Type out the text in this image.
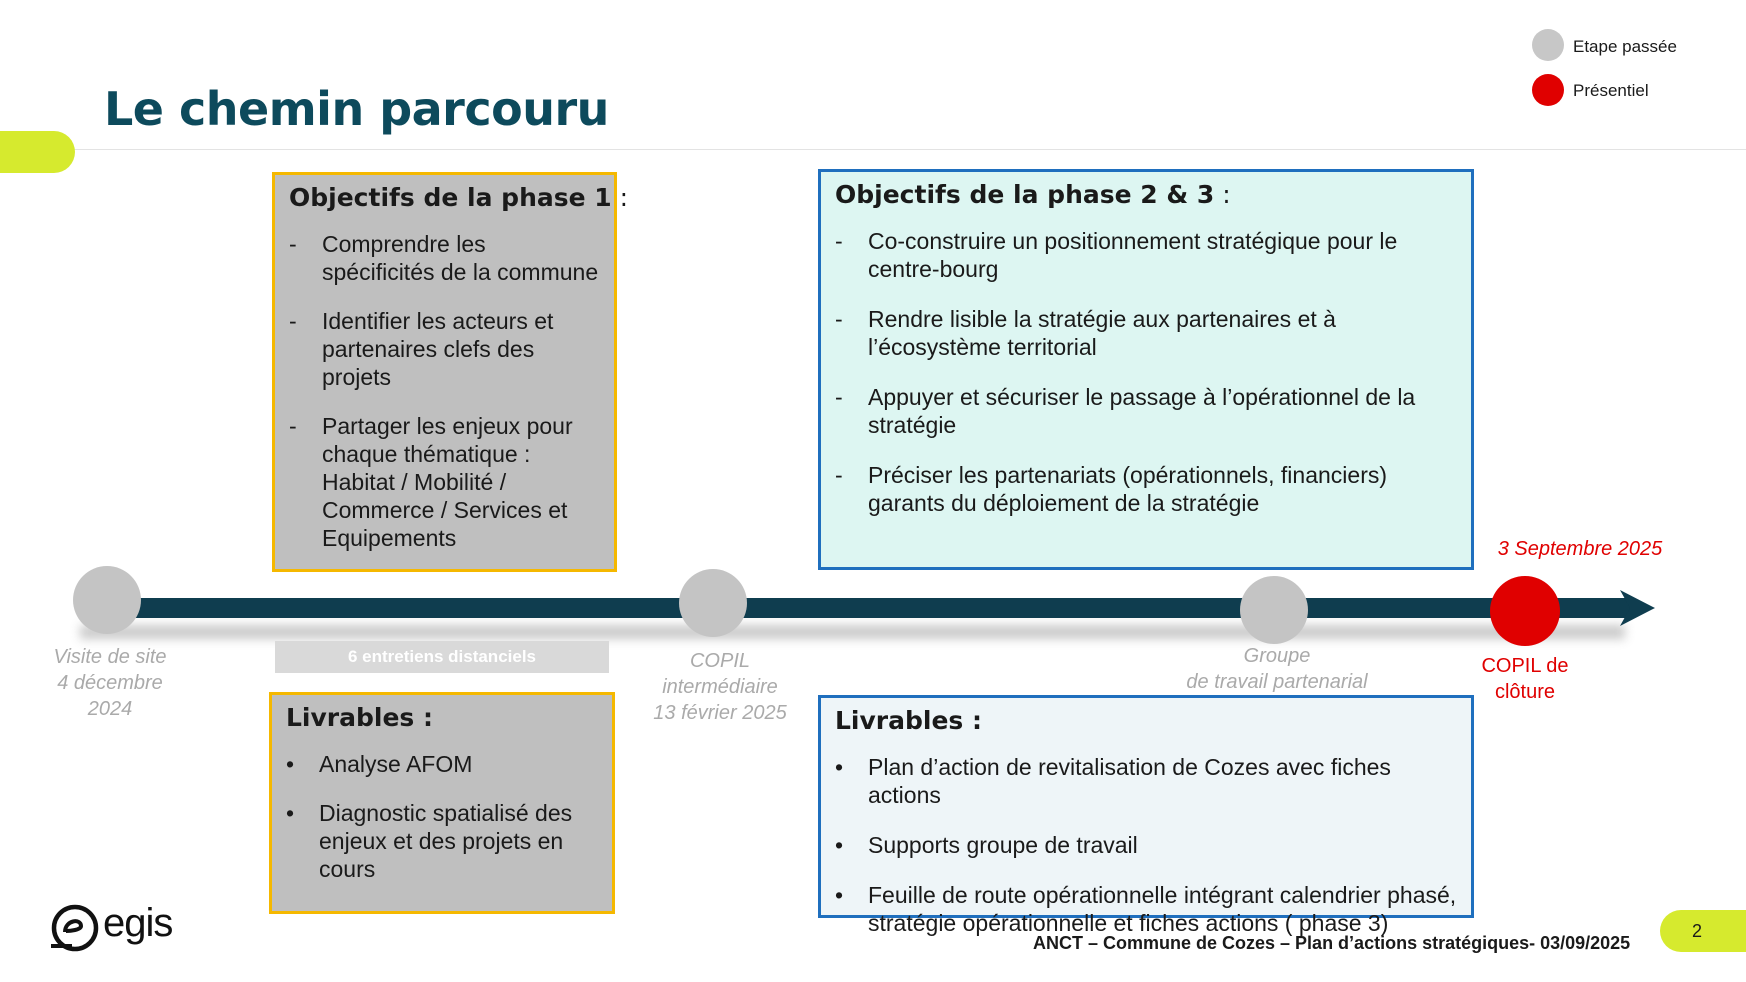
Le chemin parcouru
Etape passée
Présentiel
Objectifs de la phase 1 :
- Comprendre les spécificités de la commune
- Identifier les acteurs et partenaires clefs des projets
- Partager les enjeux pour chaque thématique : Habitat / Mobilité / Commerce / Services et Equipements
Objectifs de la phase 2 & 3 :
- Co-construire un positionnement stratégique pour le centre-bourg
- Rendre lisible la stratégie aux partenaires et à l’écosystème territorial
- Appuyer et sécuriser le passage à l’opérationnel de la stratégie
- Préciser les partenariats (opérationnels, financiers) garants du déploiement de la stratégie
6 entretiens distanciels
Visite de site
4 décembre
2024
COPIL
intermédiaire
13 février 2025
Groupe
de travail partenarial
3 Septembre 2025
COPIL de
clôture
Livrables :
• Analyse AFOM
• Diagnostic spatialisé des enjeux et des projets en cours
Livrables :
• Plan d’action de revitalisation de Cozes avec fiches actions
• Supports groupe de travail
• Feuille de route opérationnelle intégrant calendrier phasé, stratégie opérationnelle et fiches actions ( phase 3)
egis	ANCT – Commune de Cozes – Plan d’actions stratégiques- 03/09/2025
2
